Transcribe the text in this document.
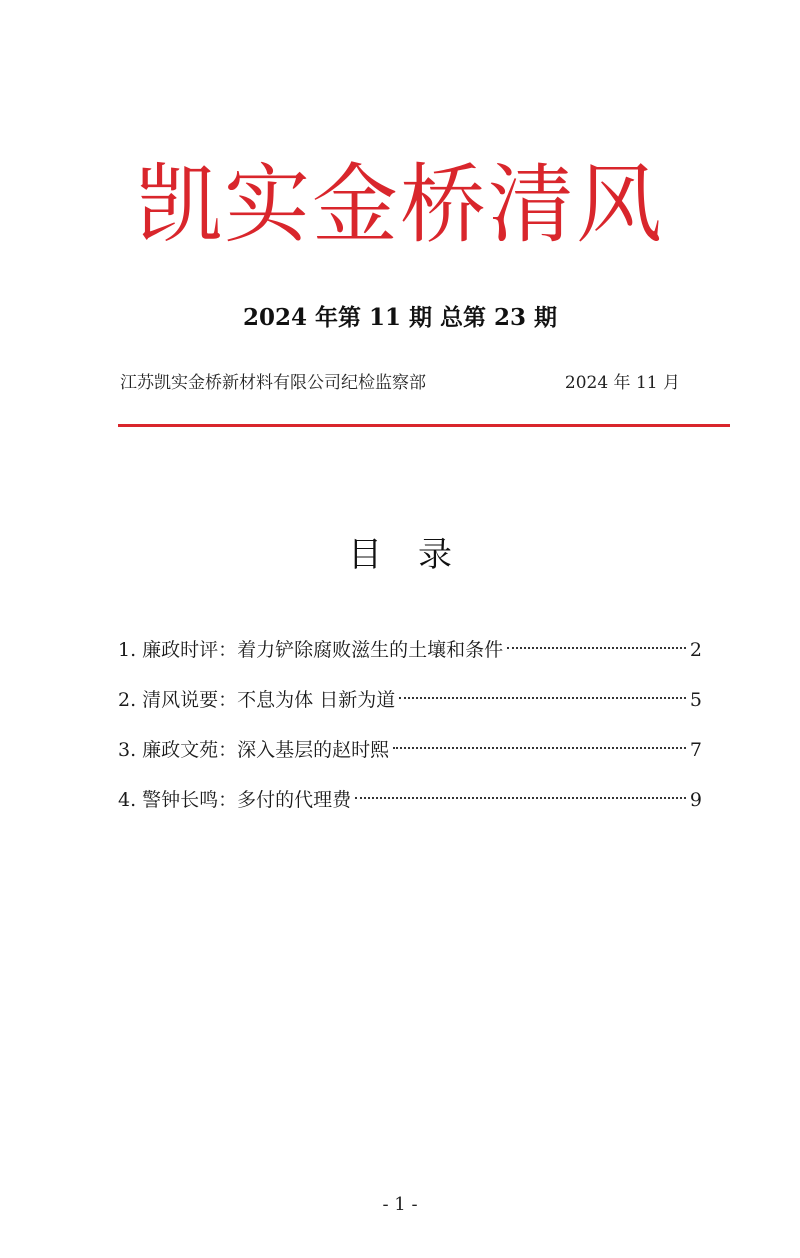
凯实金桥清风
2024 年第 11 期 总第 23 期
江苏凯实金桥新材料有限公司纪检监察部	2024 年 11 月
目录
1. 廉政时评：着力铲除腐败滋生的土壤和条件	2
2. 清风说要：不息为体 日新为道	5
3. 廉政文苑：深入基层的赵时熙	7
4. 警钟长鸣：多付的代理费	9
- 1 -
